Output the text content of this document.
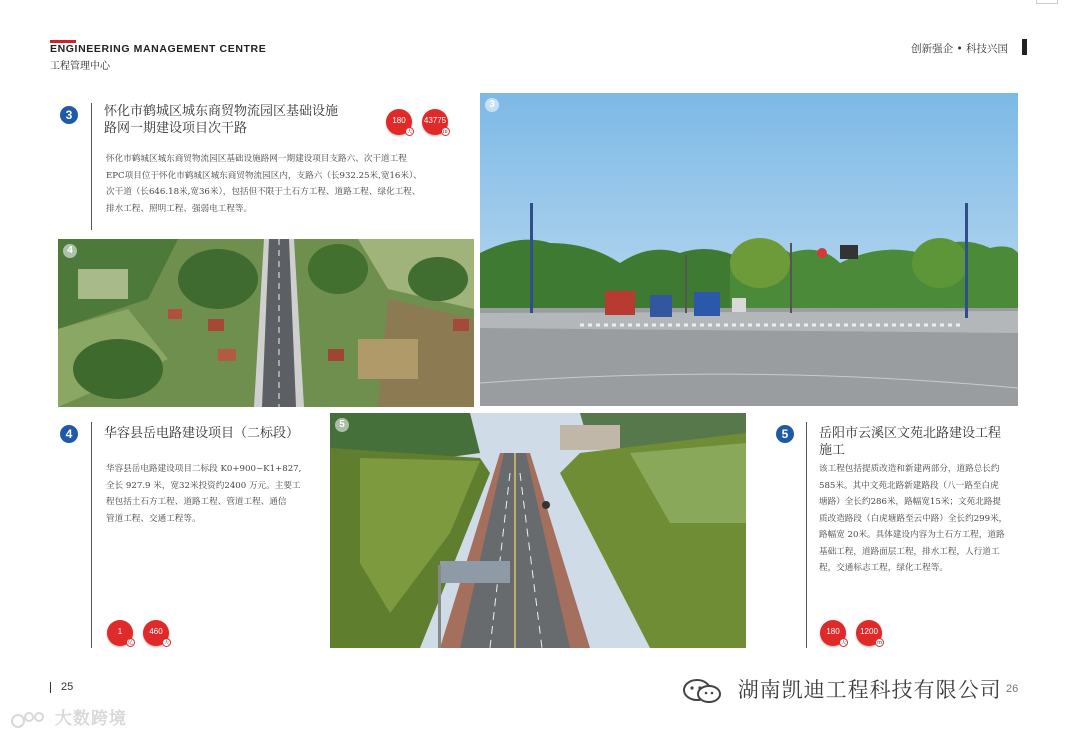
ENGINEERING MANAGEMENT CENTRE
工程管理中心
创新强企 • 科技兴国
3	怀化市鹤城区城东商贸物流园区基础设施
路网一期建设项目次干路
180
天
43775
㎡
怀化市鹤城区城东商贸物流园区基础设施路网一期建设项目支路六、次干道工程
EPC项目位于怀化市鹤城区城东商贸物流园区内，支路六（长932.25米,宽16米）、
次干道（长646.18米,宽36米），包括但不限于土石方工程、道路工程、绿化工程、
排水工程、照明工程、强弱电工程等。
4
3
4	华容县岳电路建设项目（二标段）
华容县岳电路建设项目二标段 K0+900~K1+827,
全长 927.9 米，宽32米投资约2400 万元。主要工
程包括土石方工程、道路工程、管道工程、通信
管道工程、交通工程等。
1
亿
460
天
5
5	岳阳市云溪区文苑北路建设工程
施工
该工程包括提质改造和新建两部分，道路总长约
585米。其中文苑北路新建路段（八一路至白虎
塘路）全长约286米，路幅宽15米；文苑北路提
质改造路段（白虎塘路至云中路）全长约299米，
路幅宽 20米。具体建设内容为土石方工程，道路
基础工程，道路面层工程，排水工程，人行道工
程，交通标志工程，绿化工程等。
180
天
1200
m
25	26
大数跨境
湖南凯迪工程科技有限公司
